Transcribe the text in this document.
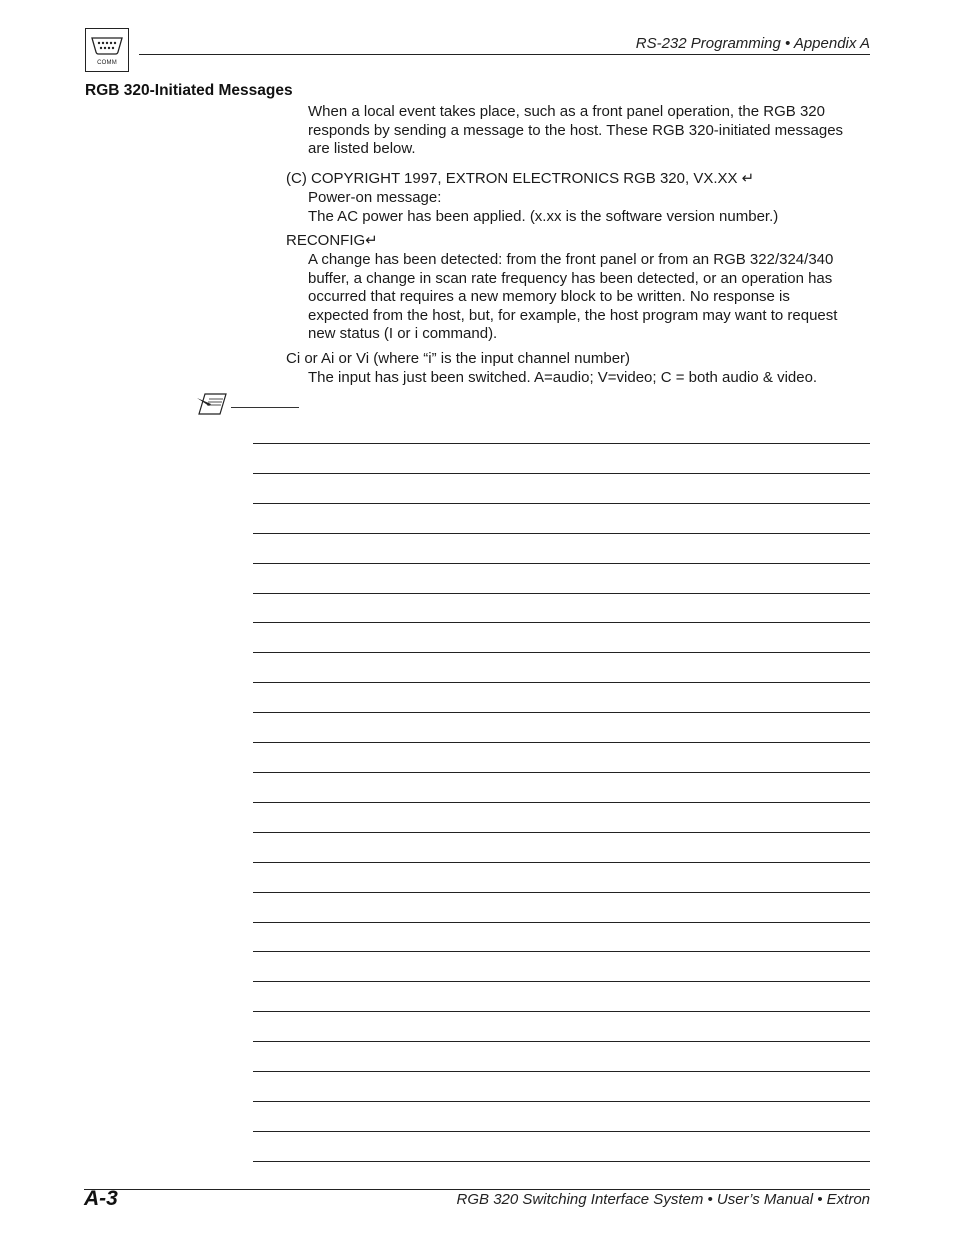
COMM
RS-232 Programming • Appendix A
RGB 320-Initiated Messages
When a local event takes place, such as a front panel operation, the RGB 320
responds by sending a message to the host. These RGB 320-initiated messages
are listed below.
(C) COPYRIGHT 1997, EXTRON ELECTRONICS RGB 320, VX.XX ↵
Power-on message:
The AC power has been applied. (x.xx is the software version number.)
RECONFIG↵
A change has been detected: from the front panel or from an RGB 322/324/340
buffer, a change in scan rate frequency has been detected, or an operation has
occurred that requires a new memory block to be written. No response is
expected from the host, but, for example, the host program may want to request
new status (I or i command).
Ci or Ai or Vi (where “i” is the input channel number)
The input has just been switched. A=audio; V=video; C = both audio & video.
A-3	RGB 320 Switching Interface System • User’s Manual • Extron
